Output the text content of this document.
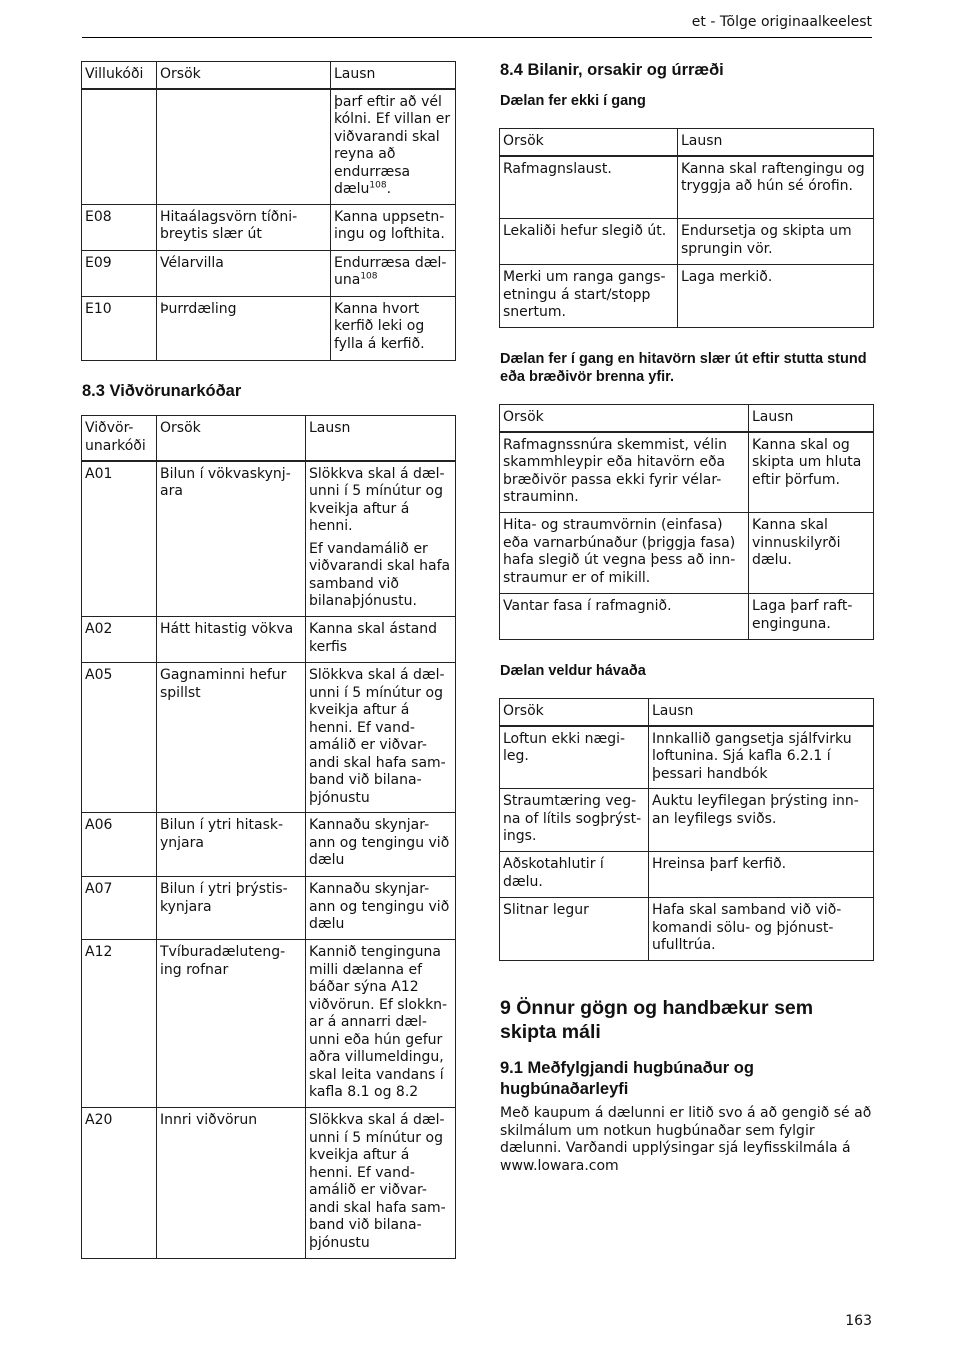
et - Tõlge originaalkeelest
Villukóði	Orsök	Lausn
		þarf eftir að vél kólni. Ef villan er viðvarandi skal reyna að endurræsa dælu$^{108}$.
E08	Hitaálagsvörn tíðni-breytis slær út	Kanna uppsetn-ingu og lofthita.
E09	Vélarvilla	Endurræsa dæl-una$^{108}$
E10	Þurrdæling	Kanna hvort kerfið leki og fylla á kerfið.
8.3 Viðvörunarkóðar
Viðvör-unarkóði	Orsök	Lausn
A01	Bilun í vökvaskynj-ara	Slökkva skal á dæl-unni í 5 mínútur og kveikja aftur á henni.

Ef vandamálið er viðvarandi skal hafa samband við bilanaþjónustu.

A02	Hátt hitastig vökva	Kanna skal ástand kerfis
A05	Gagnaminni hefur spillst	Slökkva skal á dæl-unni í 5 mínútur og kveikja aftur á henni. Ef vand-amálið er viðvar-andi skal hafa sam-band við bilana-þjónustu
A06	Bilun í ytri hitask-ynjara	Kannaðu skynjar-ann og tengingu við dælu
A07	Bilun í ytri þrýstis-kynjara	Kannaðu skynjar-ann og tengingu við dælu
A12	Tvíburadæluteng-ing rofnar	Kannið tenginguna milli dælanna ef báðar sýna A12 viðvörun. Ef slokkn-ar á annarri dæl-unni eða hún gefur aðra villumeldingu, skal leita vandans í kafla 8.1 og 8.2
A20	Innri viðvörun	Slökkva skal á dæl-unni í 5 mínútur og kveikja aftur á henni. Ef vand-amálið er viðvar-andi skal hafa sam-band við bilana-þjónustu
8.4 Bilanir, orsakir og úrræði
Dælan fer ekki í gang
Orsök	Lausn
Rafmagnslaust.	Kanna skal raftengingu og tryggja að hún sé órofin.
Lekaliði hefur slegið út.	Endursetja og skipta um sprungin vör.
Merki um ranga gangs-etningu á start/stopp snertum.	Laga merkið.
Dælan fer í gang en hitavörn slær út eftir stutta stund eða bræðivör brenna yfir.
Orsök	Lausn
Rafmagnssnúra skemmist, vélin skammhleypir eða hitavörn eða bræðivör passa ekki fyrir vélar-strauminn.	Kanna skal og skipta um hluta eftir þörfum.
Hita- og straumvörnin (einfasa) eða varnarbúnaður (þriggja fasa) hafa slegið út vegna þess að inn-straumur er of mikill.	Kanna skal vinnuskilyrði dælu.
Vantar fasa í rafmagnið.	Laga þarf raft-enginguna.
Dælan veldur hávaða
Orsök	Lausn
Loftun ekki nægi-leg.	Innkallið gangsetja sjálfvirku loftunina. Sjá kafla 6.2.1 í þessari handbók
Straumtæring veg-na of lítils sogþrýst-ings.	Auktu leyfilegan þrýsting inn-an leyfilegs sviðs.
Aðskotahlutir í dælu.	Hreinsa þarf kerfið.
Slitnar legur	Hafa skal samband við við-komandi sölu- og þjónust-ufulltrúa.
9 Önnur gögn og handbækur sem skipta máli
9.1 Meðfylgjandi hugbúnaður og hugbúnaðarleyfi

Með kaupum á dælunni er litið svo á að gengið sé að skilmálum um notkun hugbúnaðar sem fylgir dælunni. Varðandi upplýsingar sjá leyfisskilmála á www.lowara.com

163
